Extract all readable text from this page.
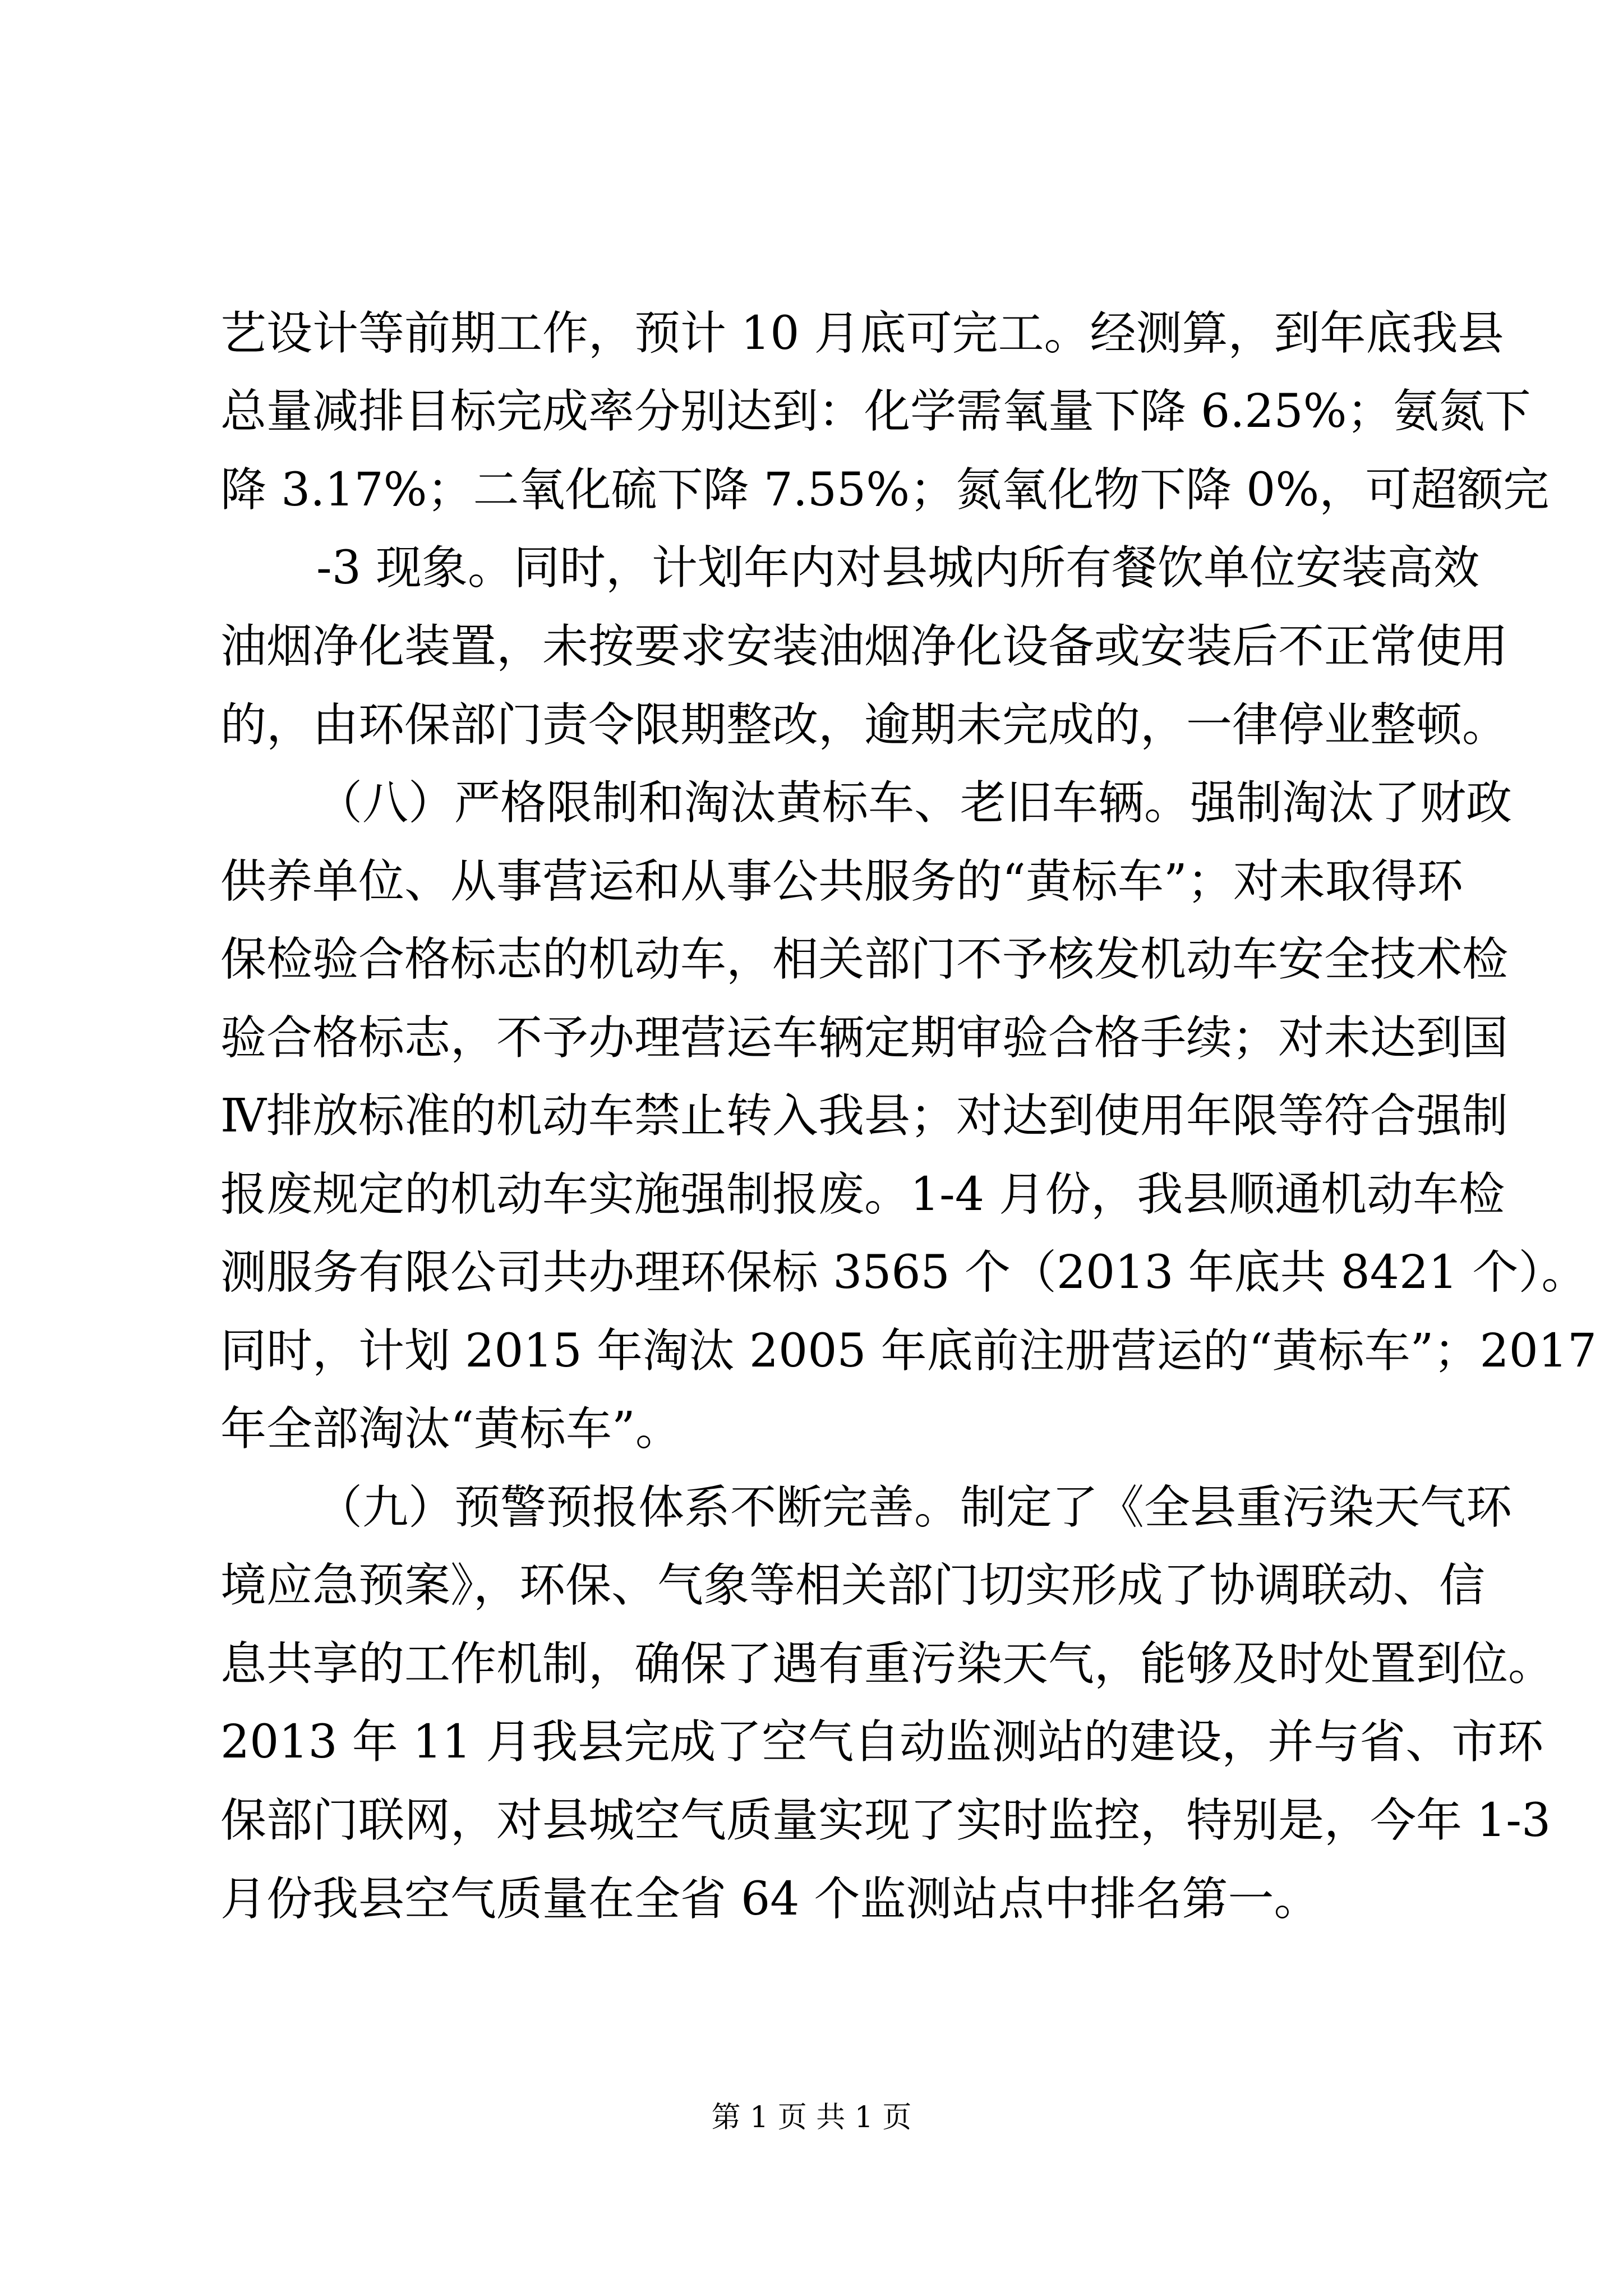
艺设计等前期工作，预计 10 月底可完工。经测算，到年底我县
总量减排目标完成率分别达到：化学需氧量下降 6.25%；氨氮下
降 3.17%；二氧化硫下降 7.55%；氮氧化物下降 0%，可超额完
-3 现象。同时，计划年内对县城内所有餐饮单位安装高效
油烟净化装置，未按要求安装油烟净化设备或安装后不正常使用
的，由环保部门责令限期整改，逾期未完成的，一律停业整顿。
（八）严格限制和淘汰黄标车、老旧车辆。强制淘汰了财政
供养单位、从事营运和从事公共服务的“黄标车”；对未取得环
保检验合格标志的机动车，相关部门不予核发机动车安全技术检
验合格标志，不予办理营运车辆定期审验合格手续；对未达到国
Ⅳ排放标准的机动车禁止转入我县；对达到使用年限等符合强制
报废规定的机动车实施强制报废。1-4 月份，我县顺通机动车检
测服务有限公司共办理环保标 3565 个（2013 年底共 8421 个）。
同时，计划 2015 年淘汰 2005 年底前注册营运的“黄标车”；2017
年全部淘汰“黄标车”。
（九）预警预报体系不断完善。制定了《全县重污染天气环
境应急预案》，环保、气象等相关部门切实形成了协调联动、信
息共享的工作机制，确保了遇有重污染天气，能够及时处置到位。
2013 年 11 月我县完成了空气自动监测站的建设，并与省、市环
保部门联网，对县城空气质量实现了实时监控，特别是，今年 1-3
月份我县空气质量在全省 64 个监测站点中排名第一。
第 1 页 共 1 页
